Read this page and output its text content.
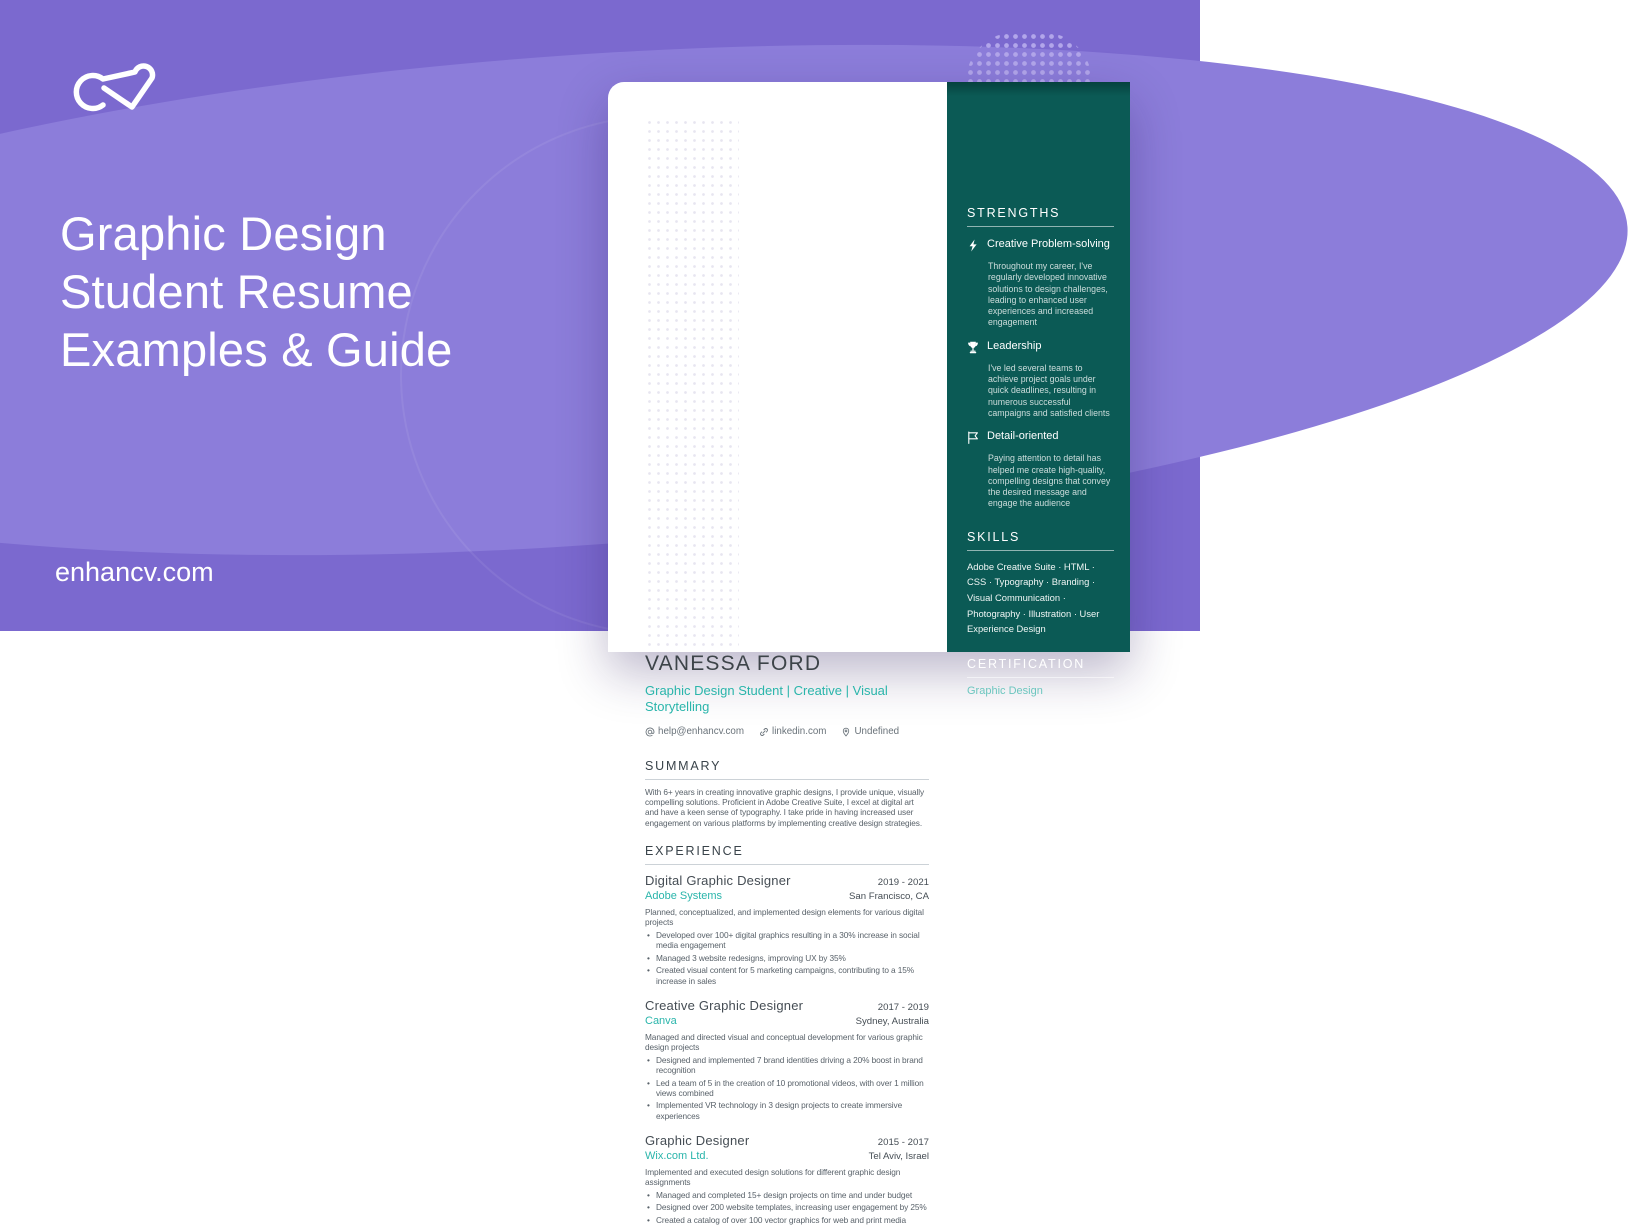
Graphic Design Student Resume Examples & Guide
enhancv.com
VANESSA FORD
Graphic Design Student | Creative | Visual Storytelling
help@enhancv.com	linkedin.com	Undefined
SUMMARY

With 6+ years in creating innovative graphic designs, I provide unique, visually compelling solutions. Proficient in Adobe Creative Suite, I excel at digital art and have a keen sense of typography. I take pride in having increased user engagement on various platforms by implementing creative design strategies.

EXPERIENCE
Digital Graphic Designer	2019 - 2021
Adobe Systems	San Francisco, CA
Planned, conceptualized, and implemented design elements for various digital projects
• Developed over 100+ digital graphics resulting in a 30% increase in social media engagement
• Managed 3 website redesigns, improving UX by 35%
• Created visual content for 5 marketing campaigns, contributing to a 15% increase in sales
Creative Graphic Designer	2017 - 2019
Canva	Sydney, Australia
Managed and directed visual and conceptual development for various graphic design projects
• Designed and implemented 7 brand identities driving a 20% boost in brand recognition
• Led a team of 5 in the creation of 10 promotional videos, with over 1 million views combined
• Implemented VR technology in 3 design projects to create immersive experiences
Graphic Designer	2015 - 2017
Wix.com Ltd.	Tel Aviv, Israel
Implemented and executed design solutions for different graphic design assignments
• Managed and completed 15+ design projects on time and under budget
• Designed over 200 website templates, increasing user engagement by 25%
• Created a catalog of over 100 vector graphics for web and print media
STRENGTHS
Creative Problem-solving
Throughout my career, I've regularly developed innovative solutions to design challenges, leading to enhanced user experiences and increased engagement
Leadership
I've led several teams to achieve project goals under quick deadlines, resulting in numerous successful campaigns and satisfied clients
Detail-oriented
Paying attention to detail has helped me create high-quality, compelling designs that convey the desired message and engage the audience
SKILLS
Adobe Creative Suite · HTML · CSS · Typography · Branding · Visual Communication · Photography · Illustration · User Experience Design
CERTIFICATION
Graphic Design
